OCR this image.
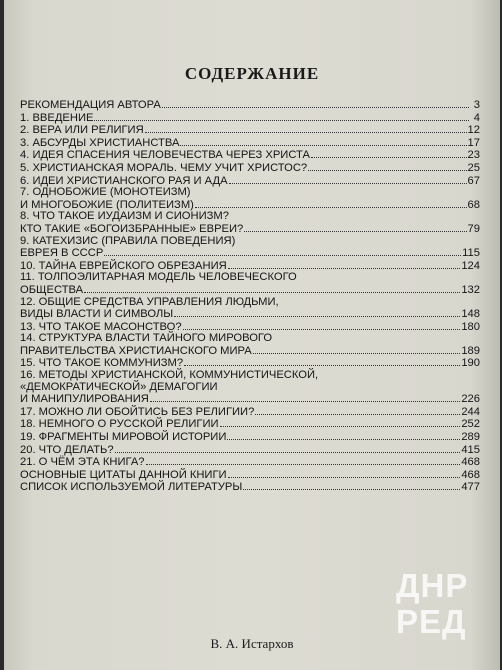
СОДЕРЖАНИЕ
РЕКОМЕНДАЦИЯ АВТОРА	3
1. ВВЕДЕНИЕ	4
2. ВЕРА ИЛИ РЕЛИГИЯ	12
3. АБСУРДЫ ХРИСТИАНСТВА	17
4. ИДЕЯ СПАСЕНИЯ ЧЕЛОВЕЧЕСТВА ЧЕРЕЗ ХРИСТА	23
5. ХРИСТИАНСКАЯ МОРАЛЬ. ЧЕМУ УЧИТ ХРИСТОС?	25
6. ИДЕИ ХРИСТИАНСКОГО РАЯ И АДА	67
7. ОДНОБОЖИЕ (МОНОТЕИЗМ)
И МНОГОБОЖИЕ (ПОЛИТЕИЗМ)	68
8. ЧТО ТАКОЕ ИУДАИЗМ И СИОНИЗМ?
КТО ТАКИЕ «БОГОИЗБРАННЫЕ» ЕВРЕИ?	79
9. КАТЕХИЗИС (ПРАВИЛА ПОВЕДЕНИЯ)
ЕВРЕЯ В СССР	115
10. ТАЙНА ЕВРЕЙСКОГО ОБРЕЗАНИЯ	124
11. ТОЛПОЭЛИТАРНАЯ МОДЕЛЬ ЧЕЛОВЕЧЕСКОГО
ОБЩЕСТВА	132
12. ОБЩИЕ СРЕДСТВА УПРАВЛЕНИЯ ЛЮДЬМИ,
ВИДЫ ВЛАСТИ И СИМВОЛЫ	148
13. ЧТО ТАКОЕ МАСОНСТВО?	180
14. СТРУКТУРА ВЛАСТИ ТАЙНОГО МИРОВОГО
ПРАВИТЕЛЬСТВА ХРИСТИАНСКОГО МИРА	189
15. ЧТО ТАКОЕ КОММУНИЗМ?	190
16. МЕТОДЫ ХРИСТИАНСКОЙ, КОММУНИСТИЧЕСКОЙ,
«ДЕМОКРАТИЧЕСКОЙ» ДЕМАГОГИИ
И МАНИПУЛИРОВАНИЯ	226
17. МОЖНО ЛИ ОБОЙТИСЬ БЕЗ РЕЛИГИИ?	244
18. НЕМНОГО О РУССКОЙ РЕЛИГИИ	252
19. ФРАГМЕНТЫ МИРОВОЙ ИСТОРИИ	289
20. ЧТО ДЕЛАТЬ?	415
21. О ЧЁМ ЭТА КНИГА?	468
ОСНОВНЫЕ ЦИТАТЫ ДАННОЙ КНИГИ	468
СПИСОК ИСПОЛЬЗУЕМОЙ ЛИТЕРАТУРЫ	477
В. А. Истархов
ДНР
РЕД
